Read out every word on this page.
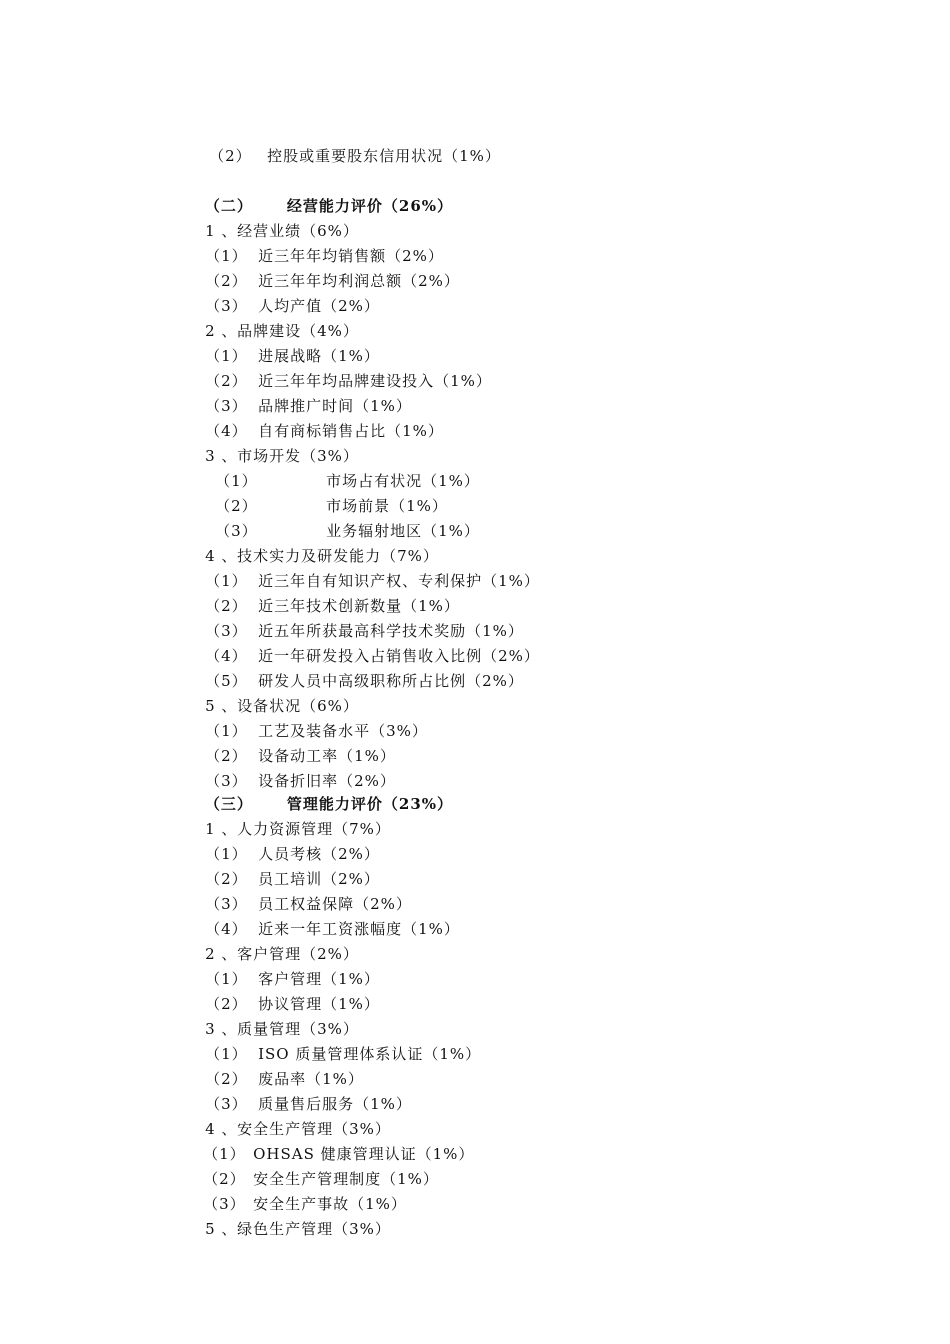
（2） 控股或重要股东信用状况（1%）

（二） 经营能力评价（26%）

1 、经营业绩（6%）

（1） 近三年年均销售额（2%）

（2） 近三年年均利润总额（2%）

（3） 人均产值（2%）

2 、品牌建设（4%）

（1） 进展战略（1%）

（2） 近三年年均品牌建设投入（1%）

（3） 品牌推广时间（1%）

（4） 自有商标销售占比（1%）

3 、市场开发（3%）

（1）	市场占有状况（1%）

（2）	市场前景（1%）

（3）	业务辐射地区（1%）

4 、技术实力及研发能力（7%）

（1） 近三年自有知识产权、专利保护（1%）

（2） 近三年技术创新数量（1%）

（3） 近五年所获最高科学技术奖励（1%）

（4） 近一年研发投入占销售收入比例（2%）

（5） 研发人员中高级职称所占比例（2%）

5 、设备状况（6%）

（1） 工艺及装备水平（3%）

（2） 设备动工率（1%）

（3） 设备折旧率（2%）

（三） 管理能力评价（23%）

1 、人力资源管理（7%）

（1） 人员考核（2%）

（2） 员工培训（2%）

（3） 员工权益保障（2%）

（4） 近来一年工资涨幅度（1%）

2 、客户管理（2%）

（1） 客户管理（1%）

（2） 协议管理（1%）

3 、质量管理（3%）

（1） ISO 质量管理体系认证（1%）

（2） 废品率（1%）

（3） 质量售后服务（1%）

4 、安全生产管理（3%）

（1） OHSAS 健康管理认证（1%）

（2） 安全生产管理制度（1%）

（3） 安全生产事故（1%）

5 、绿色生产管理（3%）
